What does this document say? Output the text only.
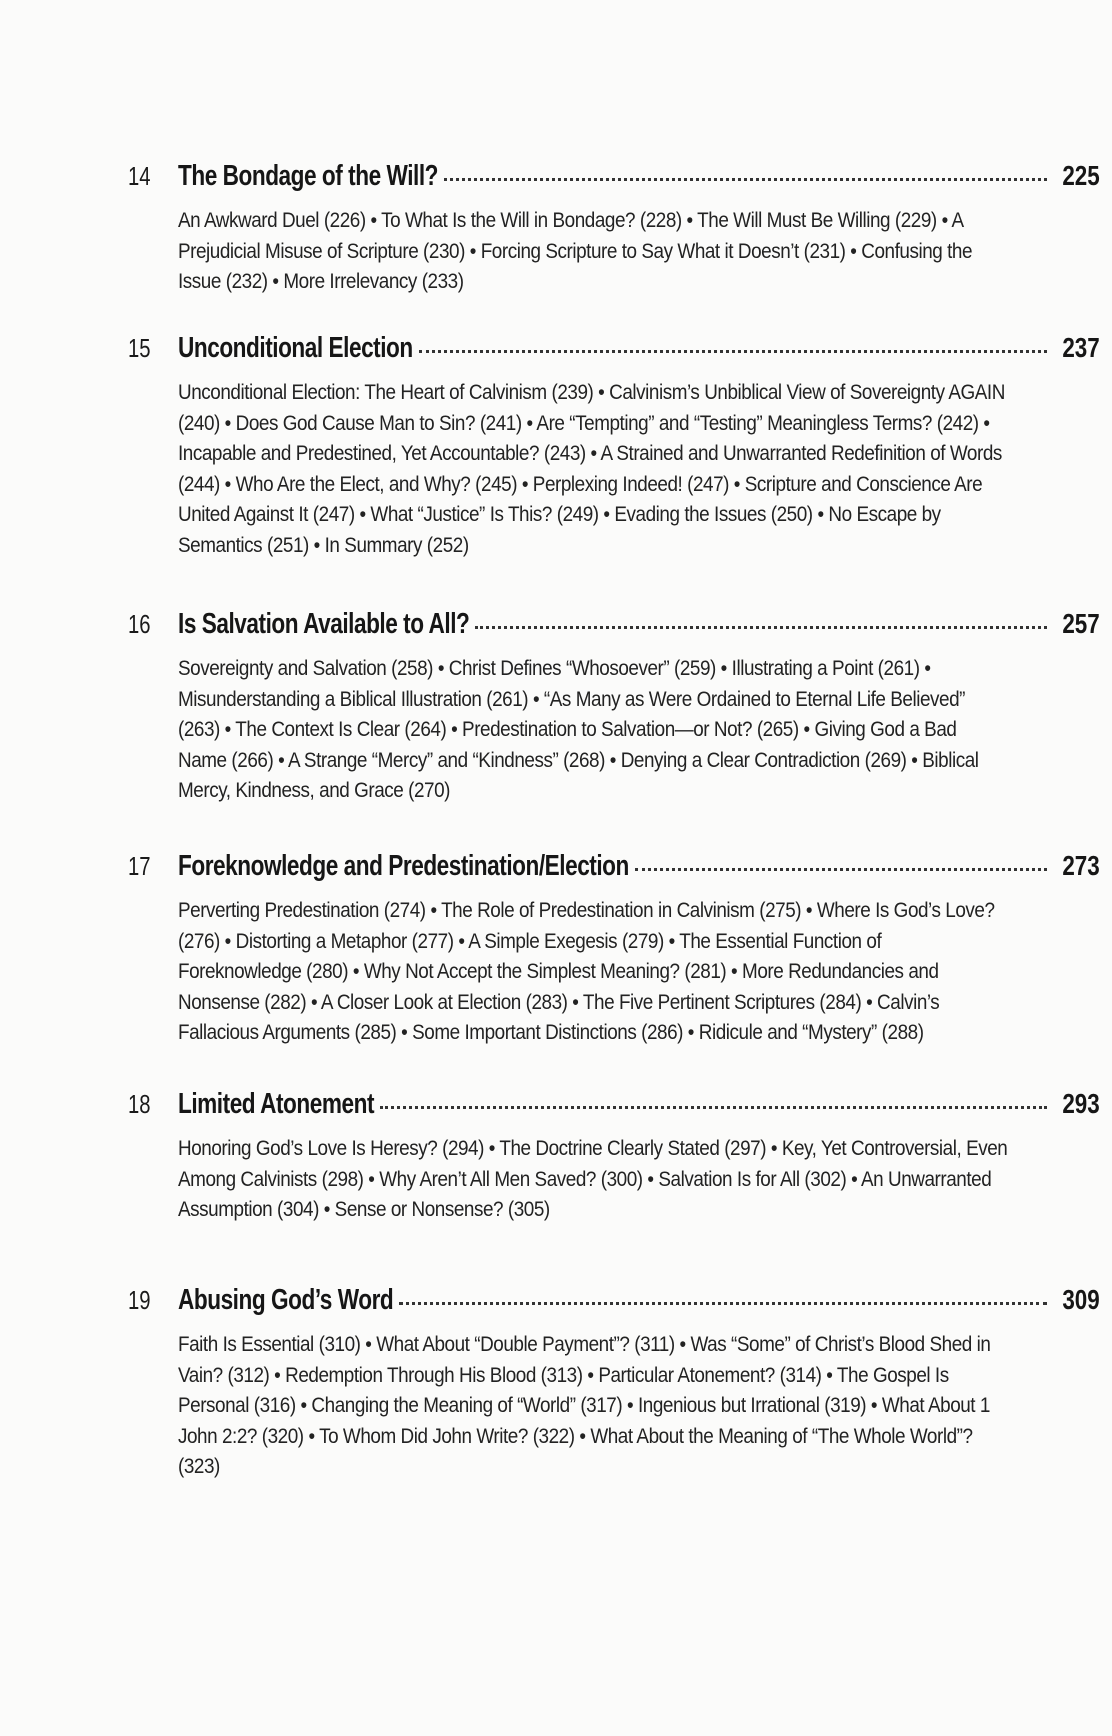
14 The Bondage of the Will?	225
An Awkward Duel (226) • To What Is the Will in Bondage? (228) • The Will Must Be Willing (229) • A Prejudicial Misuse of Scripture (230) • Forcing Scripture to Say What it Doesn’t (231) • Confusing the Issue (232) • More Irrelevancy (233)
15 Unconditional Election	237
Unconditional Election: The Heart of Calvinism (239) • Calvinism’s Unbiblical View of Sovereignty AGAIN (240) • Does God Cause Man to Sin? (241) • Are “Tempting” and “Testing” Meaningless Terms? (242) • Incapable and Predestined, Yet Accountable? (243) • A Strained and Unwarranted Redefinition of Words (244) • Who Are the Elect, and Why? (245) • Perplexing Indeed! (247) • Scripture and Conscience Are United Against It (247) • What “Justice” Is This? (249) • Evading the Issues (250) • No Escape by Semantics (251) • In Summary (252)
16 Is Salvation Available to All?	257
Sovereignty and Salvation (258) • Christ Defines “Whosoever” (259) • Illustrating a Point (261) • Misunderstanding a Biblical Illustration (261) • “As Many as Were Ordained to Eternal Life Believed” (263) • The Context Is Clear (264) • Predestination to Salvation—or Not? (265) • Giving God a Bad Name (266) • A Strange “Mercy” and “Kindness” (268) • Denying a Clear Contradiction (269) • Biblical Mercy, Kindness, and Grace (270)
17 Foreknowledge and Predestination/Election	273
Perverting Predestination (274) • The Role of Predestination in Calvinism (275) • Where Is God’s Love? (276) • Distorting a Metaphor (277) • A Simple Exegesis (279) • The Essential Function of Foreknowledge (280) • Why Not Accept the Simplest Meaning? (281) • More Redundancies and Nonsense (282) • A Closer Look at Election (283) • The Five Pertinent Scriptures (284) • Calvin’s Fallacious Arguments (285) • Some Important Distinctions (286) • Ridicule and “Mystery” (288)
18 Limited Atonement	293
Honoring God’s Love Is Heresy? (294) • The Doctrine Clearly Stated (297) • Key, Yet Controversial, Even Among Calvinists (298) • Why Aren’t All Men Saved? (300) • Salvation Is for All (302) • An Unwarranted Assumption (304) • Sense or Nonsense? (305)
19 Abusing God’s Word	309
Faith Is Essential (310) • What About “Double Payment”? (311) • Was “Some” of Christ’s Blood Shed in Vain? (312) • Redemption Through His Blood (313) • Particular Atonement? (314) • The Gospel Is Personal (316) • Changing the Meaning of “World” (317) • Ingenious but Irrational (319) • What About 1 John 2:2? (320) • To Whom Did John Write? (322) • What About the Meaning of “The Whole World”? (323)
